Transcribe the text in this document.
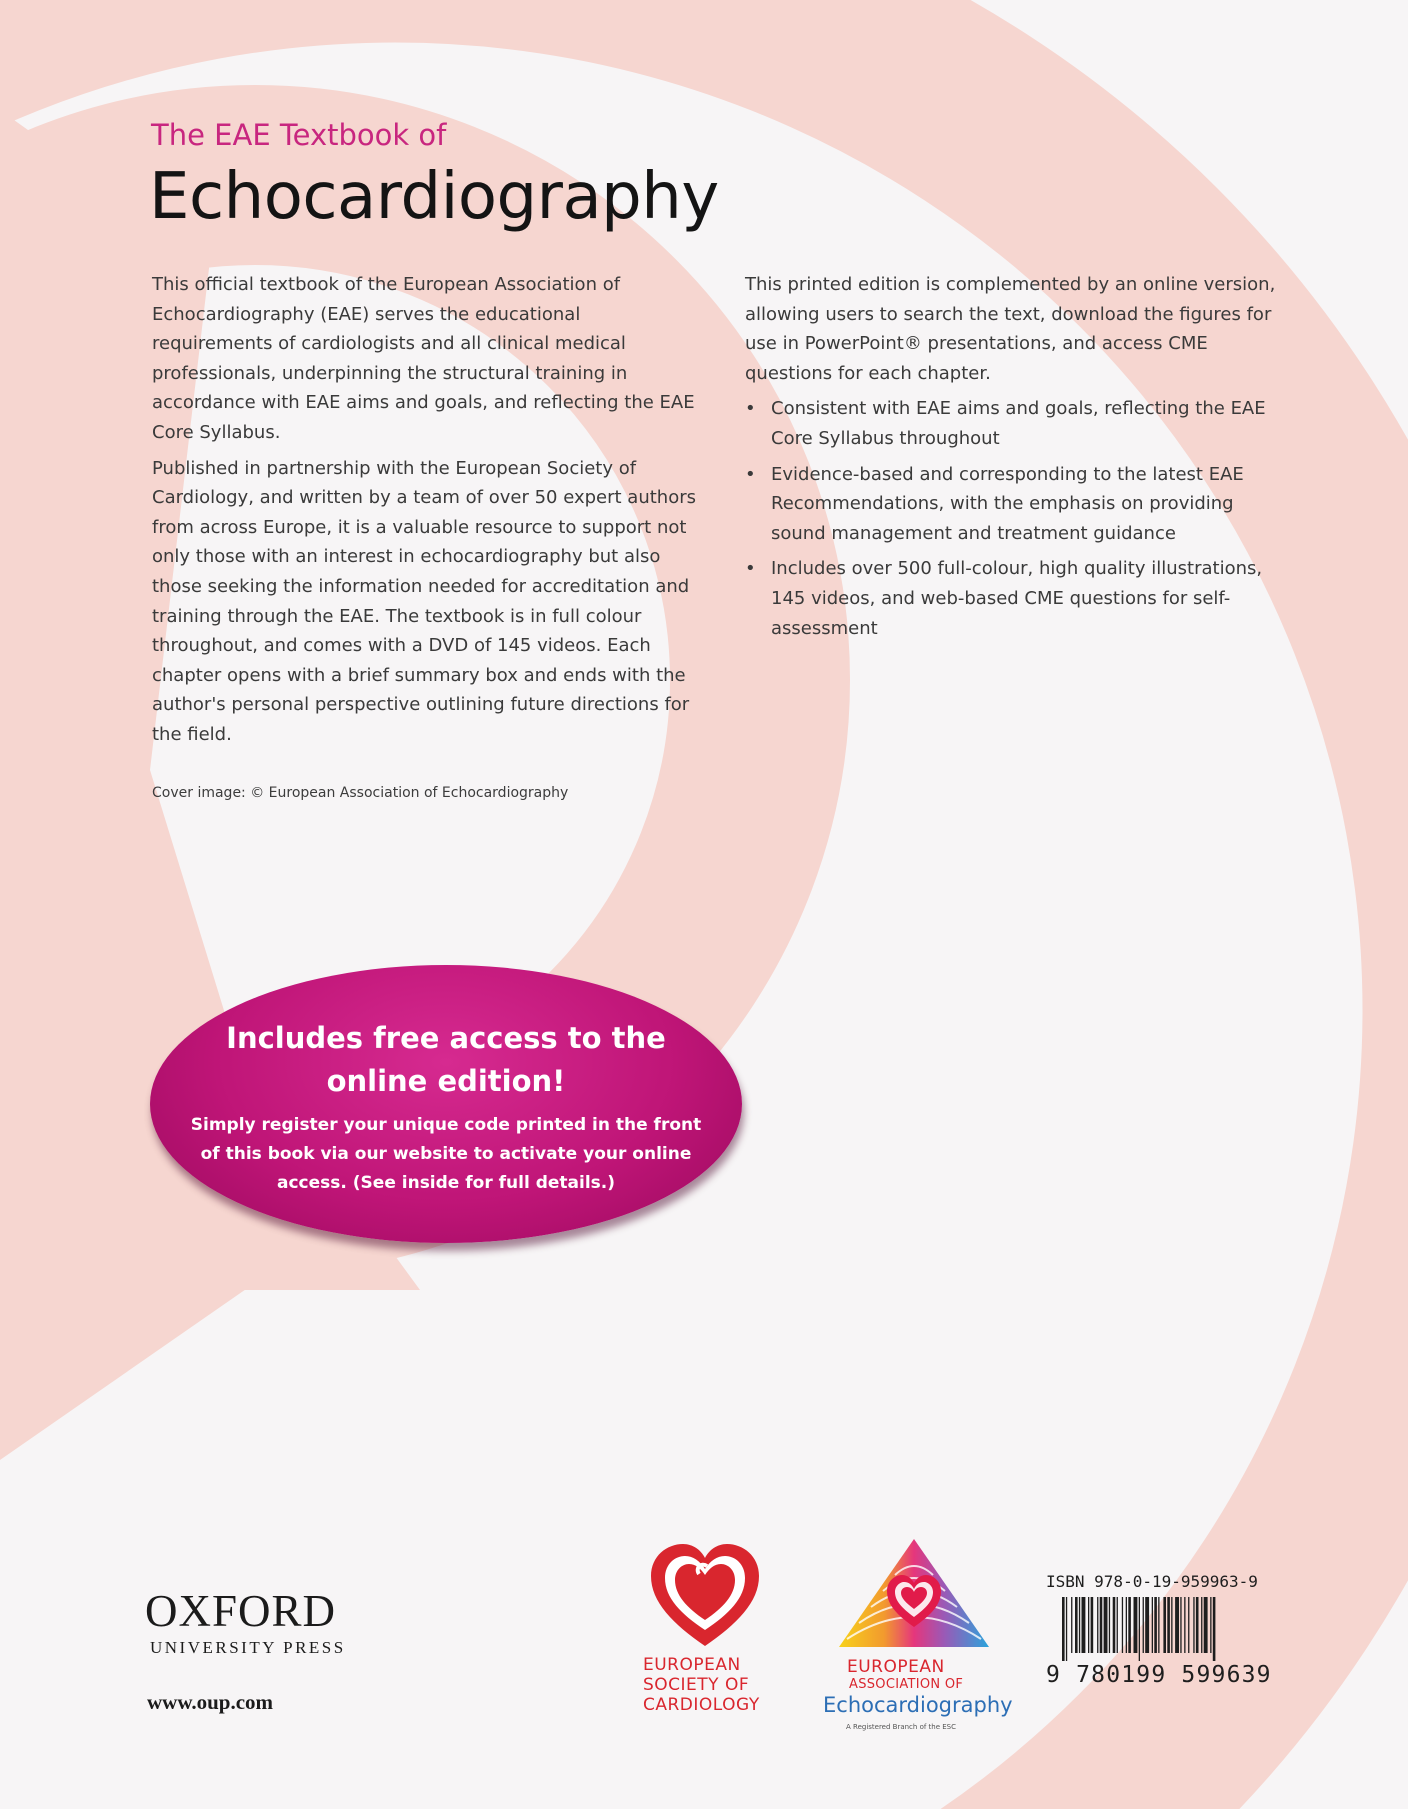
The EAE Textbook of
Echocardiography

This official textbook of the European Association of Echocardiography (EAE) serves the educational requirements of cardiologists and all clinical medical professionals, underpinning the structural training in accordance with EAE aims and goals, and reflecting the EAE Core Syllabus.

Published in partnership with the European Society of Cardiology, and written by a team of over 50 expert authors from across Europe, it is a valuable resource to support not only those with an interest in echocardiography but also those seeking the information needed for accreditation and training through the EAE. The textbook is in full colour throughout, and comes with a DVD of 145 videos. Each chapter opens with a brief summary box and ends with the author's personal perspective outlining future directions for the field.

This printed edition is complemented by an online version, allowing users to search the text, download the figures for use in PowerPoint® presentations, and access CME questions for each chapter.

• Consistent with EAE aims and goals, reflecting the EAE Core Syllabus throughout
• Evidence-based and corresponding to the latest EAE Recommendations, with the emphasis on providing sound management and treatment guidance
• Includes over 500 full-colour, high quality illustrations, 145 videos, and web-based CME questions for self-assessment
Cover image: © European Association of Echocardiography
Includes free access to the
online edition!
Simply register your unique code printed in the front
of this book via our website to activate your online
access. (See inside for full details.)
OXFORD
UNIVERSITY PRESS
www.oup.com
EUROPEAN
SOCIETY OF
CARDIOLOGY
EUROPEAN
ASSOCIATION OF
Echocardiography
A Registered Branch of the ESC
ISBN 978-0-19-959963-9
9 780199 599639
